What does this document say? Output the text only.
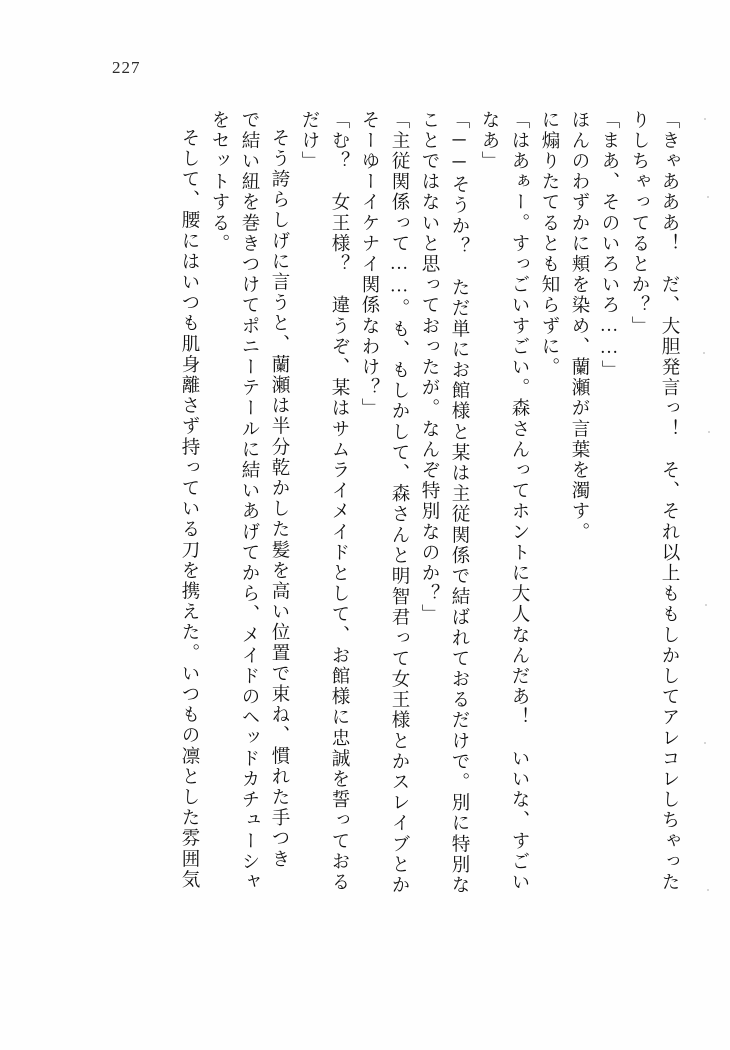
227
「きゃあああ！　だ、大胆発言っ！　そ、それ以上ももしかしてアレコレしちゃった
りしちゃってるとか？」
「まあ、そのいろいろ……」
ほんのわずかに頬を染め、蘭瀬が言葉を濁す。
に煽りたてるとも知らずに。
「はあぁー。すっごいすごい。森さんってホントに大人なんだあ！　いいな、すごい
なあ」
「──そうか？　ただ単にお館様と某は主従関係で結ばれておるだけで。別に特別な
ことではないと思っておったが。なんぞ特別なのか？」
「主従関係って……。も、もしかして、森さんと明智君って女王様とかスレイブとか
そーゆーイケナイ関係なわけ？」
「む？　女王様？　違うぞ、某はサムライメイドとして、お館様に忠誠を誓っておる
だけ」
そう誇らしげに言うと、蘭瀬は半分乾かした髪を高い位置で束ね、慣れた手つき
で結い紐を巻きつけてポニーテールに結いあげてから、メイドのヘッドカチューシャ
をセットする。
そして、腰にはいつも肌身離さず持っている刀を携えた。いつもの凛とした雰囲気
